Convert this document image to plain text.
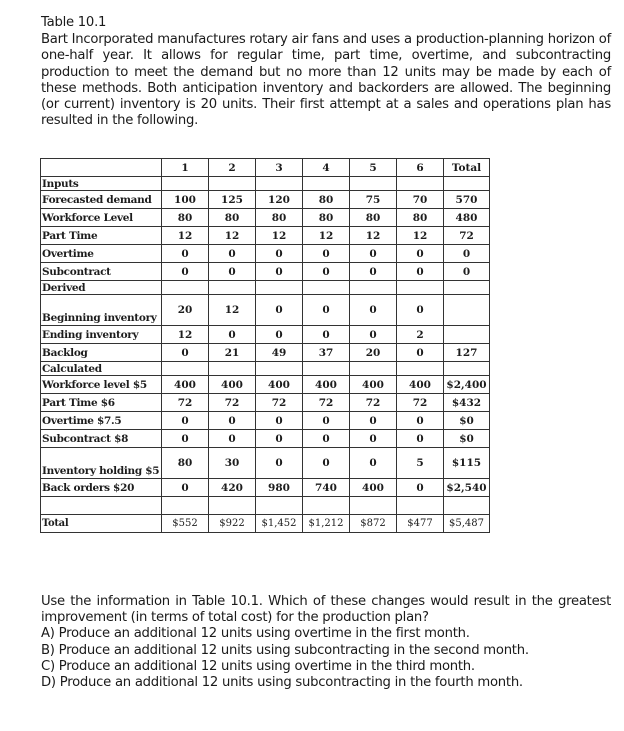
Table 10.1
Bart Incorporated manufactures rotary air fans and uses a production-planning horizon of one-half year. It allows for regular time, part time, overtime, and subcontracting production to meet the demand but no more than 12 units may be made by each of these methods. Both anticipation inventory and backorders are allowed. The beginning (or current) inventory is 20 units. Their first attempt at a sales and operations plan has resulted in the following.
	1	2	3	4	5	6	Total
Inputs							
Forecasted demand	100	125	120	80	75	70	570
Workforce Level	80	80	80	80	80	80	480
Part Time	12	12	12	12	12	12	72
Overtime	0	0	0	0	0	0	0
Subcontract	0	0	0	0	0	0	0
Derived							
Beginning inventory	20	12	0	0	0	0	
Ending inventory	12	0	0	0	0	2	
Backlog	0	21	49	37	20	0	127
Calculated							
Workforce level $5	400	400	400	400	400	400	$2,400
Part Time $6	72	72	72	72	72	72	$432
Overtime $7.5	0	0	0	0	0	0	$0
Subcontract $8	0	0	0	0	0	0	$0
Inventory holding $5	80	30	0	0	0	5	$115
Back orders $20	0	420	980	740	400	0	$2,540

Total	$552	$922	$1,452	$1,212	$872	$477	$5,487
Use the information in Table 10.1. Which of these changes would result in the greatest improvement (in terms of total cost) for the production plan?
A) Produce an additional 12 units using overtime in the first month.
B) Produce an additional 12 units using subcontracting in the second month.
C) Produce an additional 12 units using overtime in the third month.
D) Produce an additional 12 units using subcontracting in the fourth month.
